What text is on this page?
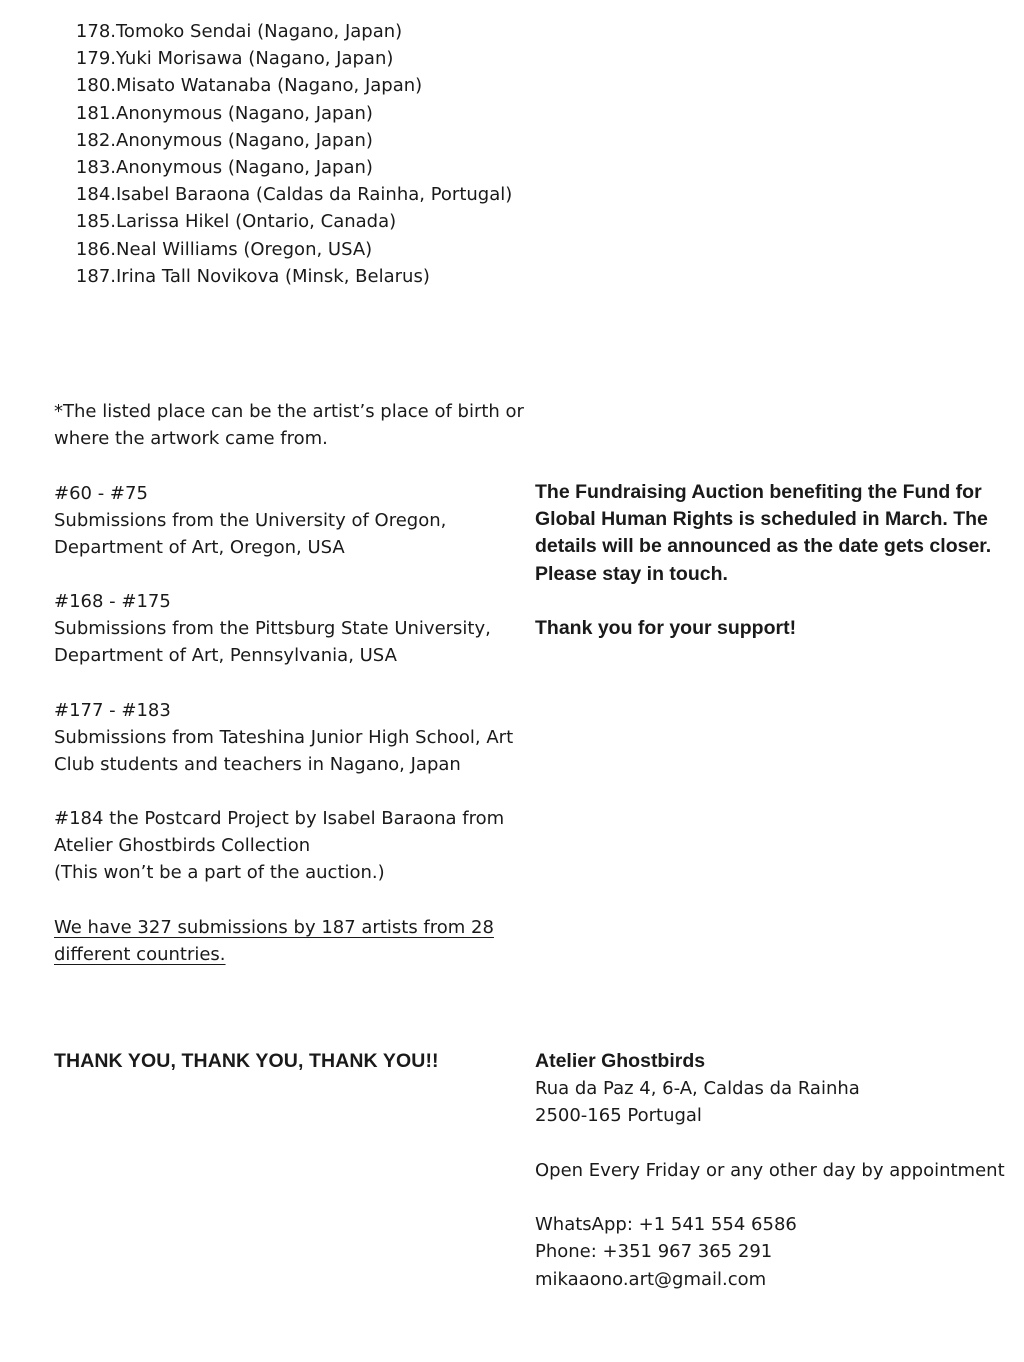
178.Tomoko Sendai (Nagano, Japan)
179.Yuki Morisawa (Nagano, Japan)
180.Misato Watanaba (Nagano, Japan)
181.Anonymous (Nagano, Japan)
182.Anonymous (Nagano, Japan)
183.Anonymous (Nagano, Japan)
184.Isabel Baraona (Caldas da Rainha, Portugal)
185.Larissa Hikel (Ontario, Canada)
186.Neal Williams (Oregon, USA)
187.Irina Tall Novikova (Minsk, Belarus)

*The listed place can be the artist’s place of birth or

where the artwork came from.

#60 - #75

Submissions from the University of Oregon,

Department of Art, Oregon, USA

#168 - #175

Submissions from the Pittsburg State University,

Department of Art, Pennsylvania, USA

#177 - #183

Submissions from Tateshina Junior High School, Art

Club students and teachers in Nagano, Japan

#184 the Postcard Project by Isabel Baraona from

Atelier Ghostbirds Collection

(This won’t be a part of the auction.)

We have 327 submissions by 187 artists from 28

different countries.

THANK YOU, THANK YOU, THANK YOU!!

The Fundraising Auction benefiting the Fund for

Global Human Rights is scheduled in March. The

details will be announced as the date gets closer.

Please stay in touch.

Thank you for your support!

Atelier Ghostbirds

Rua da Paz 4, 6-A, Caldas da Rainha

2500-165 Portugal

Open Every Friday or any other day by appointment

WhatsApp: +1 541 554 6586

Phone: +351 967 365 291

mikaaono.art@gmail.com
